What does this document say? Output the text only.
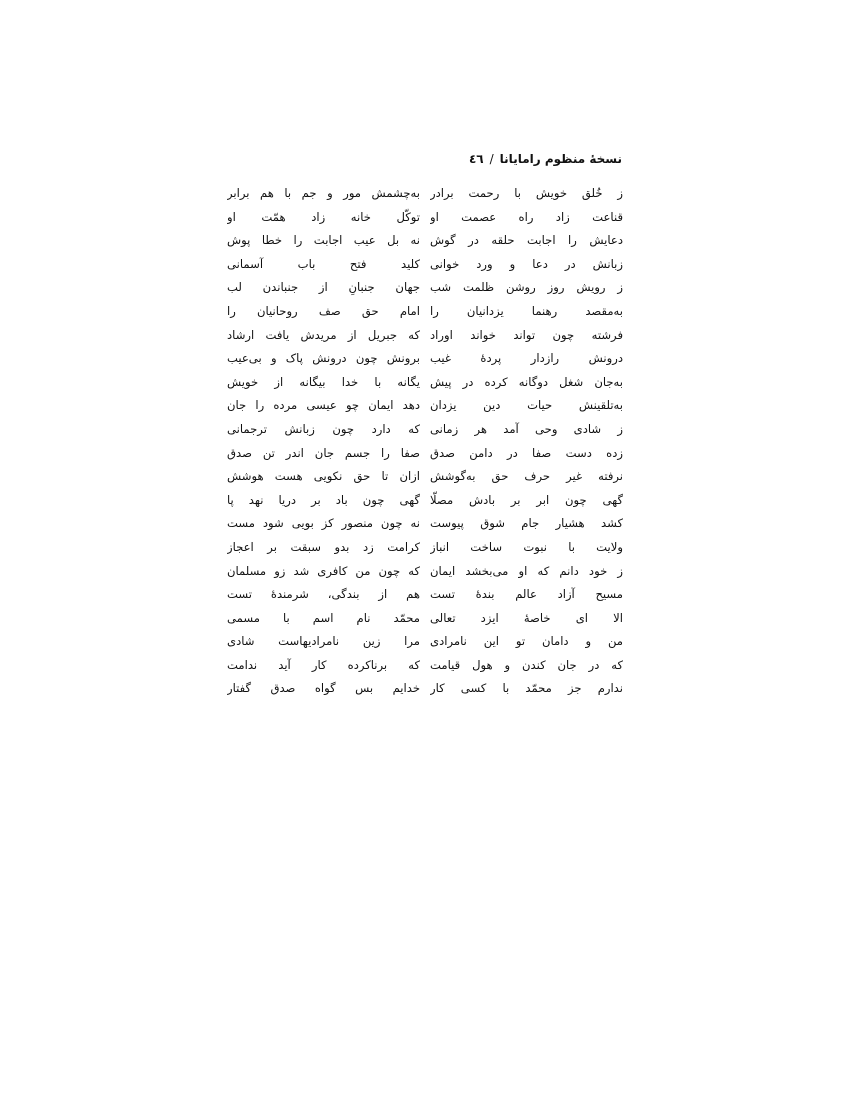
نسخهٔ منظوم رامایانا/٤٦
ز خُلق خویش با رحمت برادر
قناعت زاد راه عصمت او
دعایش را اجابت حلقه در گوش
زبانش در دعا و ورد خوانی
ز رویش روز روشن ظلمت شب
به‌مقصد رهنما یزدانیان را
فرشته چون تواند خواند اوراد
درونش رازدار پردهٔ غیب
به‌جان شغل دوگانه کرده در پیش
به‌تلقینش حیات دین یزدان
ز شادی وحی آمد هر زمانی
زده دست صفا در دامن صدق
نرفته غیر حرف حق به‌گوشش
گهی چون ابر بر بادش مصلّا
کشد هشیار جام شوق پیوست
ولایت با نبوت ساخت انباز
ز خود دانم که او می‌بخشد ایمان
مسیح آزاد عالم بندهٔ تست
الا ای خاصهٔ ایزد تعالی
من و دامان تو این نامرادی
که در جان کندن و هول قیامت
ندارم جز محمّد با کسی کار
به‌چشمش مور و جم با هم برابر
توکّل خانه زاد همّت او
نه بل عیب اجابت را خطا پوش
کلید فتح باب آسمانی
جهان جنبانِ از جنباندن لب
امام حق صف روحانیان را
که جبریل از مریدش یافت ارشاد
برونش چون درونش پاک و بی‌عیب
یگانه با خدا بیگانه از خویش
دهد ایمان چو عیسی مرده را جان
که دارد چون زبانش ترجمانی
صفا را جسم جان اندر تن صدق
ازان تا حق نکویی هست هوشش
گهی چون باد بر دریا نهد پا
نه چون منصور کز بویی شود مست
کرامت زد بدو سبقت بر اعجاز
که چون من کافری شد زو مسلمان
هم از بندگی، شرمندهٔ تست
محمّد نام اسم با مسمی
مرا زین نامرادیهاست شادی
که برناکرده کار آید ندامت
خدایم بس گواه صدق گفتار
